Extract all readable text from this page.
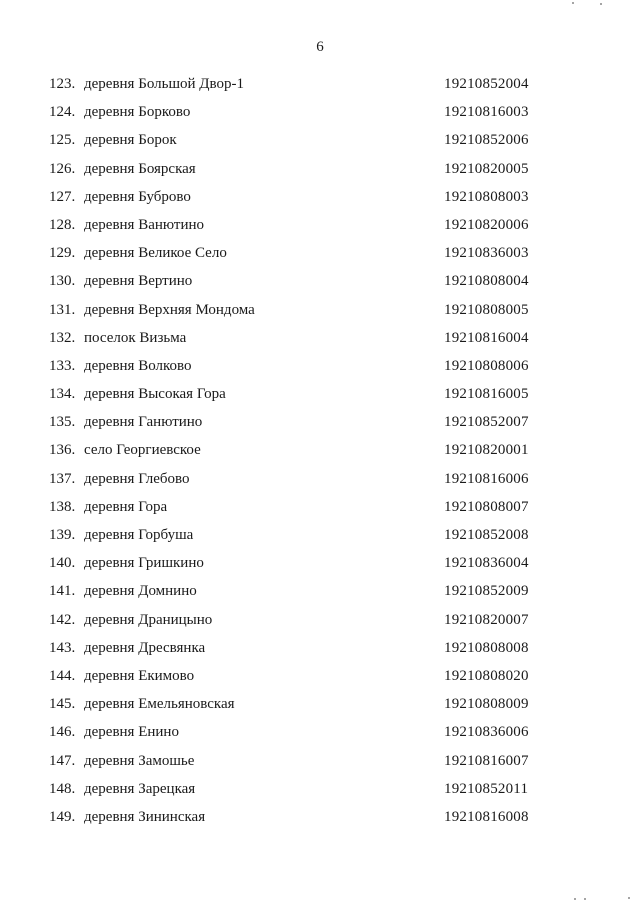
6
123. деревня Большой Двор-1	19210852004
124. деревня Борково	19210816003
125. деревня Борок	19210852006
126. деревня Боярская	19210820005
127. деревня Буброво	19210808003
128. деревня Ванютино	19210820006
129. деревня Великое Село	19210836003
130. деревня Вертино	19210808004
131. деревня Верхняя Мондома	19210808005
132. поселок Визьма	19210816004
133. деревня Волково	19210808006
134. деревня Высокая Гора	19210816005
135. деревня Ганютино	19210852007
136. село Георгиевское	19210820001
137. деревня Глебово	19210816006
138. деревня Гора	19210808007
139. деревня Горбуша	19210852008
140. деревня Гришкино	19210836004
141. деревня Домнино	19210852009
142. деревня Драницыно	19210820007
143. деревня Дресвянка	19210808008
144. деревня Екимово	19210808020
145. деревня Емельяновская	19210808009
146. деревня Енино	19210836006
147. деревня Замошье	19210816007
148. деревня Зарецкая	19210852011
149. деревня Зининская	19210816008
